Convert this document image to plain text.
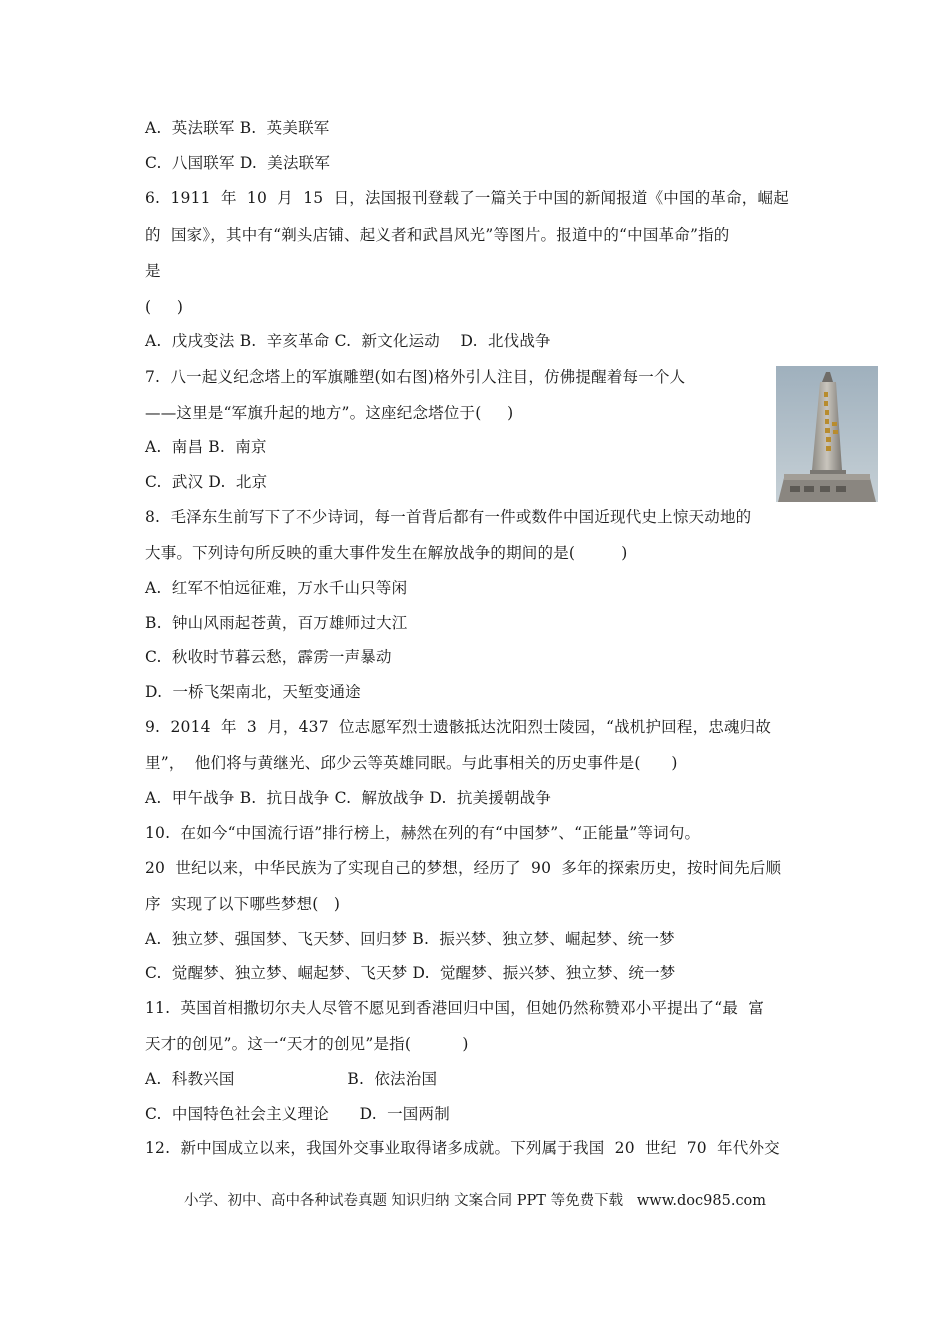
A.  英法联军 B.  英美联军
C.  八国联军 D.  美法联军
6.  1911  年  10  月  15  日，法国报刊登载了一篇关于中国的新闻报道《中国的革命，崛起
的  国家》，其中有“剃头店铺、起义者和武昌风光”等图片。报道中的“中国革命”指的
是
(     )
A.  戊戌变法 B.  辛亥革命 C.  新文化运动    D.  北伐战争
7.  八一起义纪念塔上的军旗雕塑(如右图)格外引人注目，仿佛提醒着每一个人
——这里是“军旗升起的地方”。这座纪念塔位于(     )
A.  南昌 B.  南京
C.  武汉 D.  北京
8.  毛泽东生前写下了不少诗词，每一首背后都有一件或数件中国近现代史上惊天动地的
大事。下列诗句所反映的重大事件发生在解放战争的期间的是(         )
A.  红军不怕远征难，万水千山只等闲
B.  钟山风雨起苍黄，百万雄师过大江
C.  秋收时节暮云愁，霹雳一声暴动
D.  一桥飞架南北，天堑变通途
9.  2014  年  3  月，437  位志愿军烈士遗骸抵达沈阳烈士陵园，“战机护回程，忠魂归故
里”，  他们将与黄继光、邱少云等英雄同眠。与此事相关的历史事件是(      )
A.  甲午战争 B.  抗日战争 C.  解放战争 D.  抗美援朝战争
10.  在如今“中国流行语”排行榜上，赫然在列的有“中国梦”、“正能量”等词句。
20  世纪以来，中华民族为了实现自己的梦想，经历了  90  多年的探索历史，按时间先后顺
序  实现了以下哪些梦想(   )
A.  独立梦、强国梦、飞天梦、回归梦 B.  振兴梦、独立梦、崛起梦、统一梦
C.  觉醒梦、独立梦、崛起梦、飞天梦 D.  觉醒梦、振兴梦、独立梦、统一梦
11.  英国首相撒切尔夫人尽管不愿见到香港回归中国，但她仍然称赞邓小平提出了“最  富
天才的创见”。这一“天才的创见”是指(          )
A.  科教兴国                      B.  依法治国
C.  中国特色社会主义理论      D.  一国两制
12.  新中国成立以来，我国外交事业取得诸多成就。下列属于我国  20  世纪  70  年代外交
小学、初中、高中各种试卷真题 知识归纳 文案合同 PPT 等免费下载   www.doc985.com
